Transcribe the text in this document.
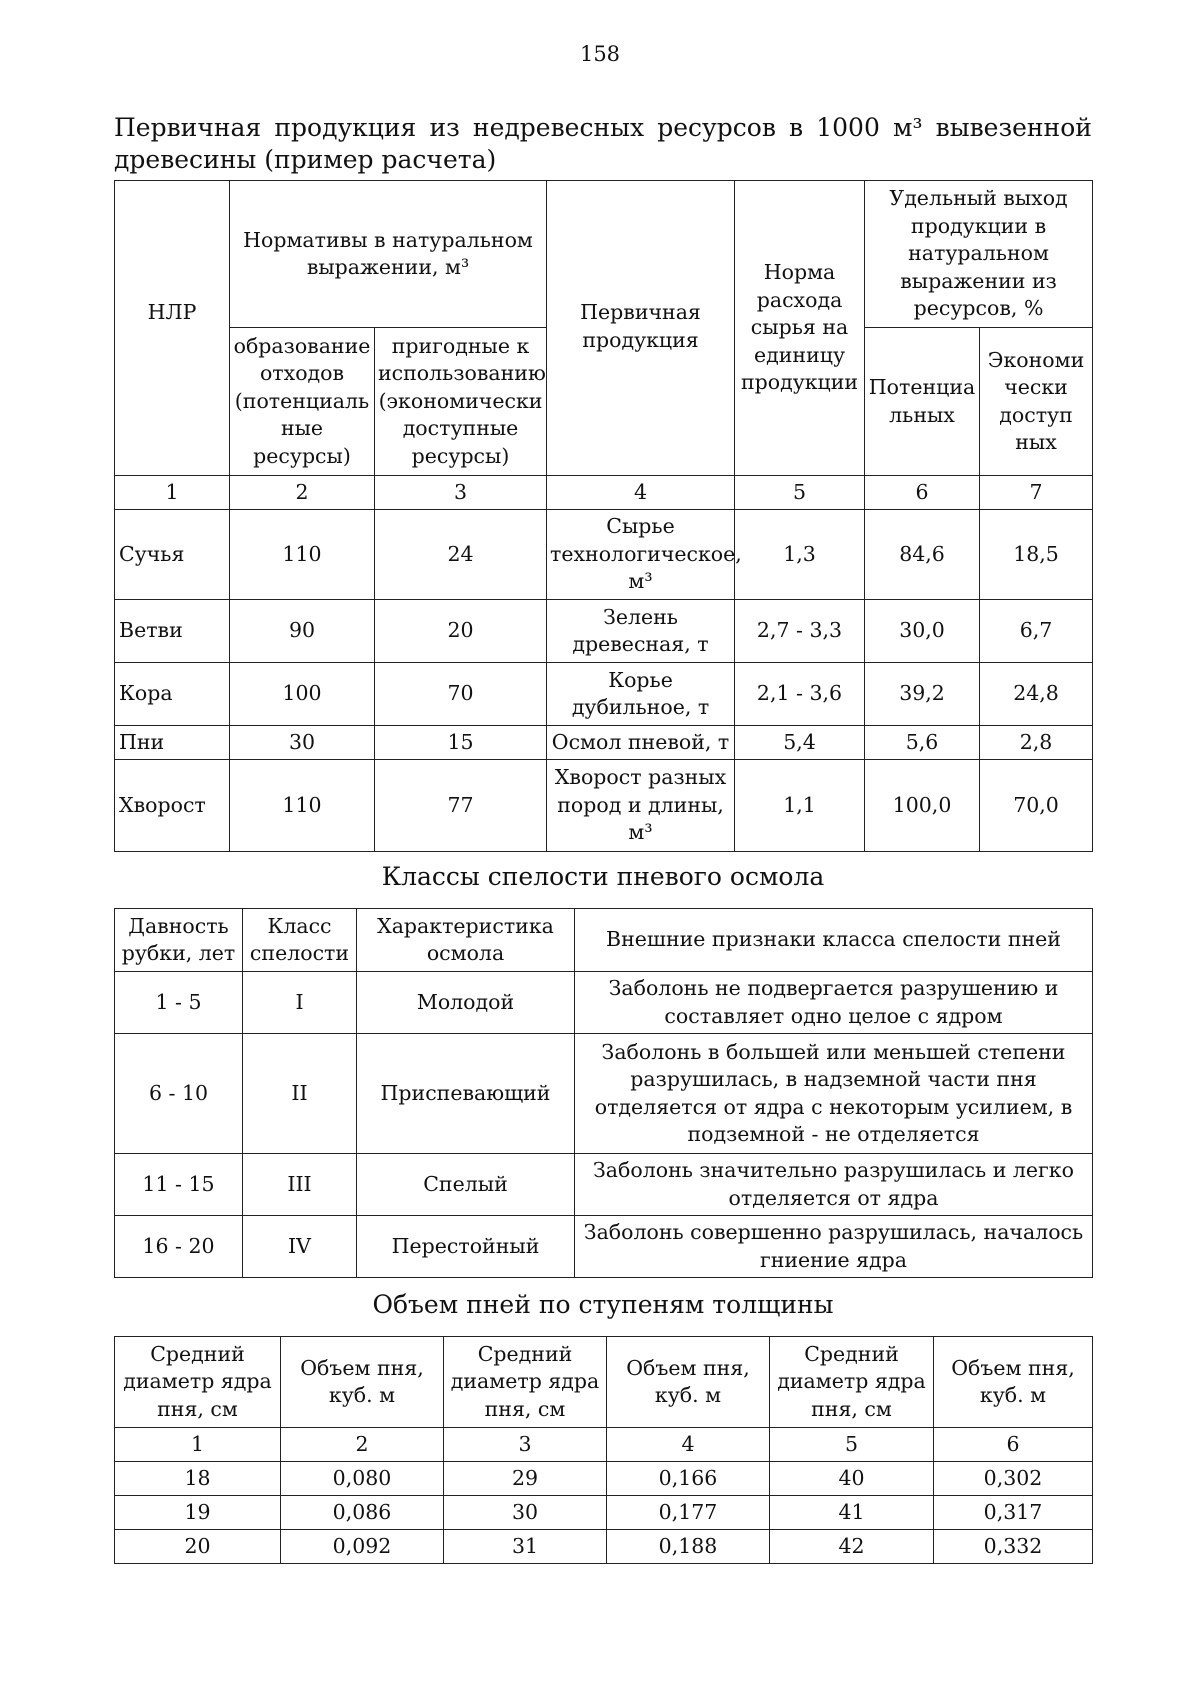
158
Первичная продукция из недревесных ресурсов в 1000 м³ вывезенной
древесины (пример расчета)
НЛР	Нормативы в натуральном выражении, м³		Первичная продукция	Норма расхода сырья на единицу продукции	Удельный выход продукции в натуральном выражении из ресурсов, %	
	образование отходов (потенциаль ные ресурсы)	пригодные к использованию (экономически доступные ресурсы)			Потенциа льных	Экономи чески доступ ных
1	2	3	4	5	6	7
Сучья	110	24	Сырье технологическое, м³	1,3	84,6	18,5
Ветви	90	20	Зелень древесная, т	2,7 - 3,3	30,0	6,7
Кора	100	70	Корье дубильное, т	2,1 - 3,6	39,2	24,8
Пни	30	15	Осмол пневой, т	5,4	5,6	2,8
Хворост	110	77	Хворост разных пород и длины, м³	1,1	100,0	70,0
Классы спелости пневого осмола
Давность рубки, лет	Класс спелости	Характеристика осмола	Внешние признаки класса спелости пней
1 - 5	I	Молодой	Заболонь не подвергается разрушению и составляет одно целое с ядром
6 - 10	II	Приспевающий	Заболонь в большей или меньшей степени разрушилась, в надземной части пня отделяется от ядра с некоторым усилием, в подземной - не отделяется
11 - 15	III	Спелый	Заболонь значительно разрушилась и легко отделяется от ядра
16 - 20	IV	Перестойный	Заболонь совершенно разрушилась, началось гниение ядра
Объем пней по ступеням толщины
Средний диаметр ядра пня, см	Объем пня, куб. м	Средний диаметр ядра пня, см	Объем пня, куб. м	Средний диаметр ядра пня, см	Объем пня, куб. м
1	2	3	4	5	6
18	0,080	29	0,166	40	0,302
19	0,086	30	0,177	41	0,317
20	0,092	31	0,188	42	0,332
